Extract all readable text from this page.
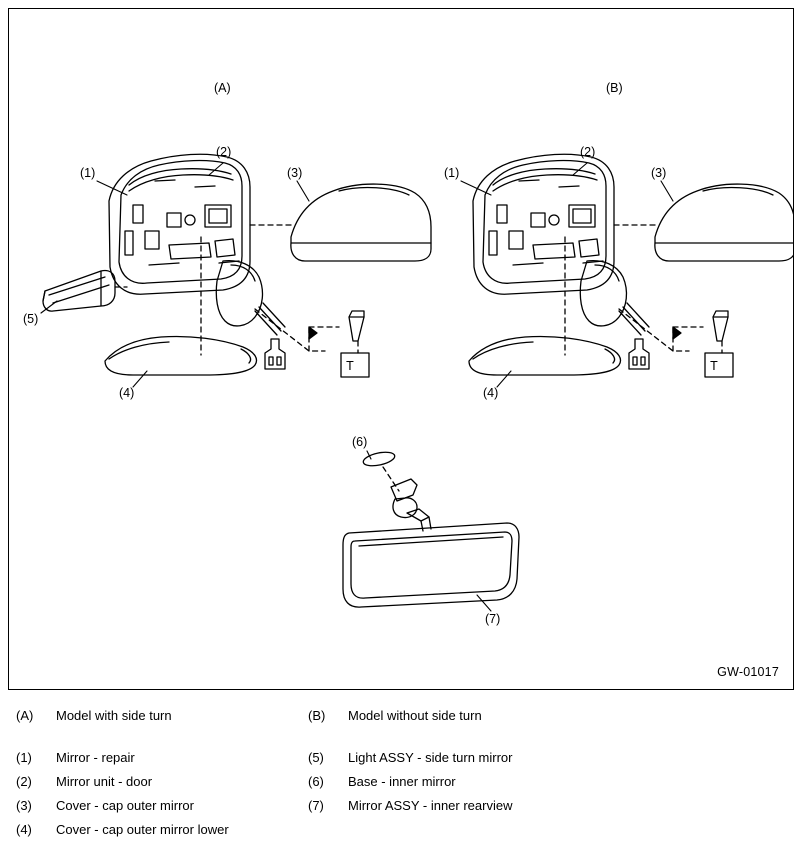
(A)	(B)
(1)
(2)
(3)
(4)
(5)
(1)
(2)
(3)
(4)
(6)
(7)
T	T
GW-01017
(A)	Model with side turn	(B)	Model without side turn
(1)	Mirror - repair	(5)	Light ASSY - side turn mirror
(2)	Mirror unit - door	(6)	Base - inner mirror
(3)	Cover - cap outer mirror	(7)	Mirror ASSY - inner rearview
(4)	Cover - cap outer mirror lower
